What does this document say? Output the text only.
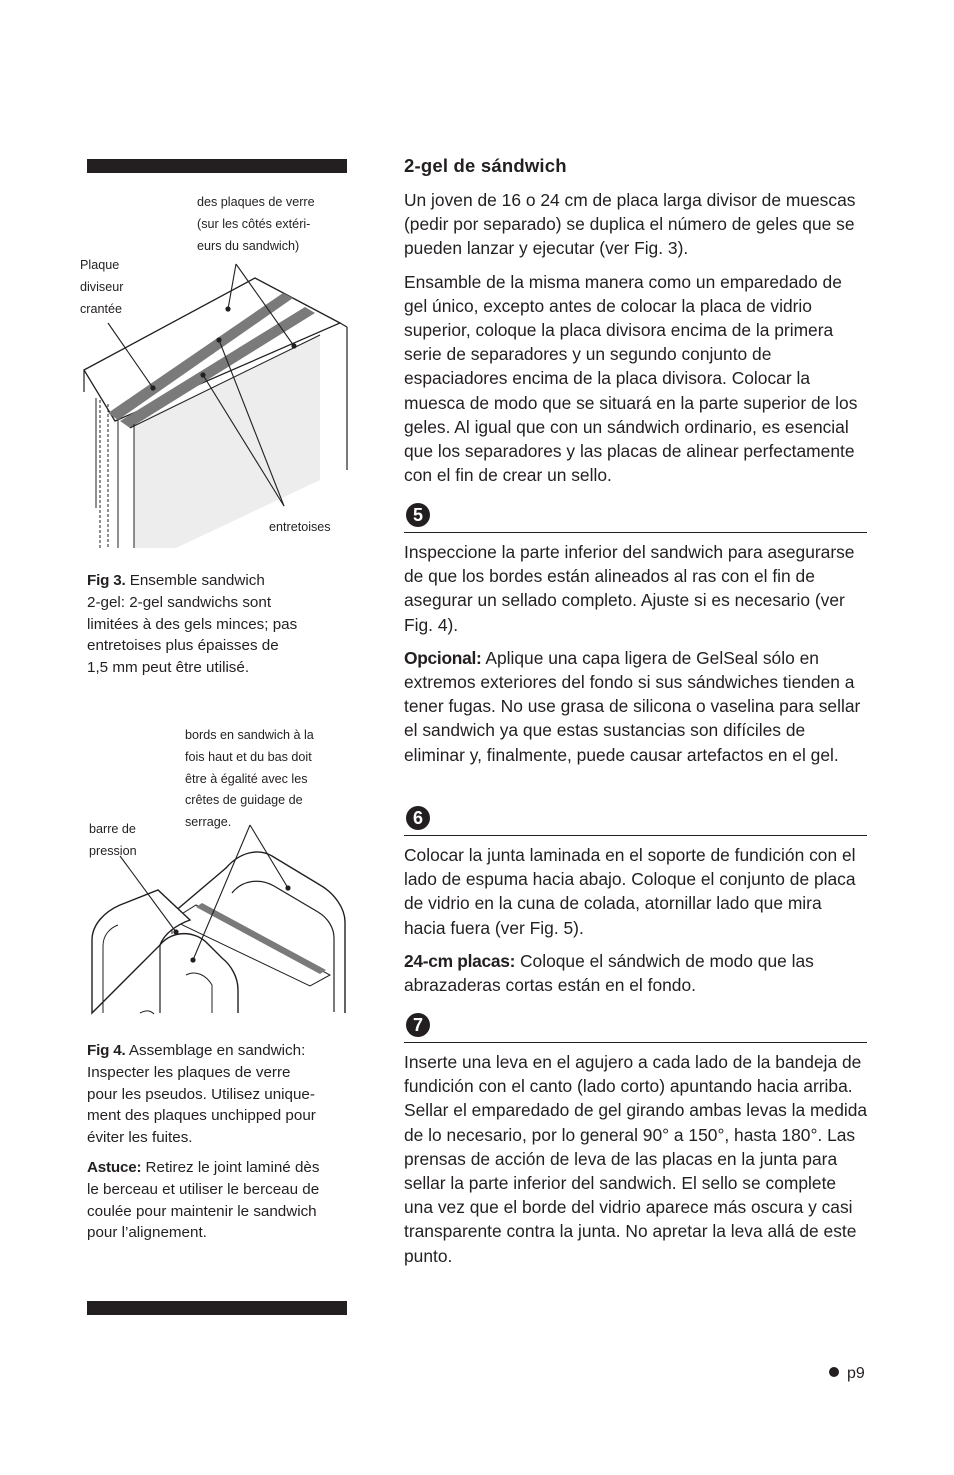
des plaques de verre
(sur les côtés extéri-
eurs du sandwich)
Plaque
diviseur
crantée
entretoises
Fig 3. Ensemble sandwich
2-gel: 2-gel sandwichs sont
limitées à des gels minces; pas
entretoises plus épaisses de
1,5 mm peut être utilisé.
bords en sandwich à la
fois haut et du bas doit
être à égalité avec les
crêtes de guidage de
serrage.
barre de
pression
Fig 4. Assemblage en sandwich:
Inspecter les plaques de verre
pour les pseudos. Utilisez unique-
ment des plaques unchipped pour
éviter les fuites.
Astuce: Retirez le joint laminé dès
le berceau et utiliser le berceau de
coulée pour maintenir le sandwich
pour l’alignement.
2-gel de sándwich

Un joven de 16 o 24 cm de placa larga divisor de muescas (pedir por separado) se duplica el número de geles que se pueden lanzar y ejecutar (ver Fig. 3).

Ensamble de la misma manera como un emparedado de gel único, excepto antes de colocar la placa de vidrio superior, coloque la placa divisora encima de la primera serie de separadores y un segundo conjunto de espaciadores encima de la placa divisora. Colocar la muesca de modo que se situará en la parte superior de los geles. Al igual que con un sándwich ordinario, es esencial que los separadores y las placas de alinear perfectamente con el fin de crear un sello.

5

Inspeccione la parte inferior del sandwich para asegurarse de que los bordes están alineados al ras con el fin de asegurar un sellado completo. Ajuste si es necesario (ver Fig. 4).

Opcional: Aplique una capa ligera de GelSeal sólo en extremos exteriores del fondo si sus sándwiches tienden a tener fugas. No use grasa de silicona o vaselina para sellar el sandwich ya que estas sustancias son difíciles de eliminar y, finalmente, puede causar artefactos en el gel.

6

Colocar la junta laminada en el soporte de fundición con el lado de espuma hacia abajo. Coloque el conjunto de placa de vidrio en la cuna de colada, atornillar lado que mira hacia fuera (ver Fig. 5).

24-cm placas: Coloque el sándwich de modo que las abrazaderas cortas están en el fondo.

7

Inserte una leva en el agujero a cada lado de la bandeja de fundición con el canto (lado corto) apuntando hacia arriba. Sellar el emparedado de gel girando ambas levas la medida de lo necesario, por lo general 90° a 150°, hasta 180°. Las prensas de acción de leva de las placas en la junta para sellar la parte inferior del sandwich. El sello se complete una vez que el borde del vidrio aparece más oscura y casi transparente contra la junta. No apretar la leva allá de este punto.

p9
